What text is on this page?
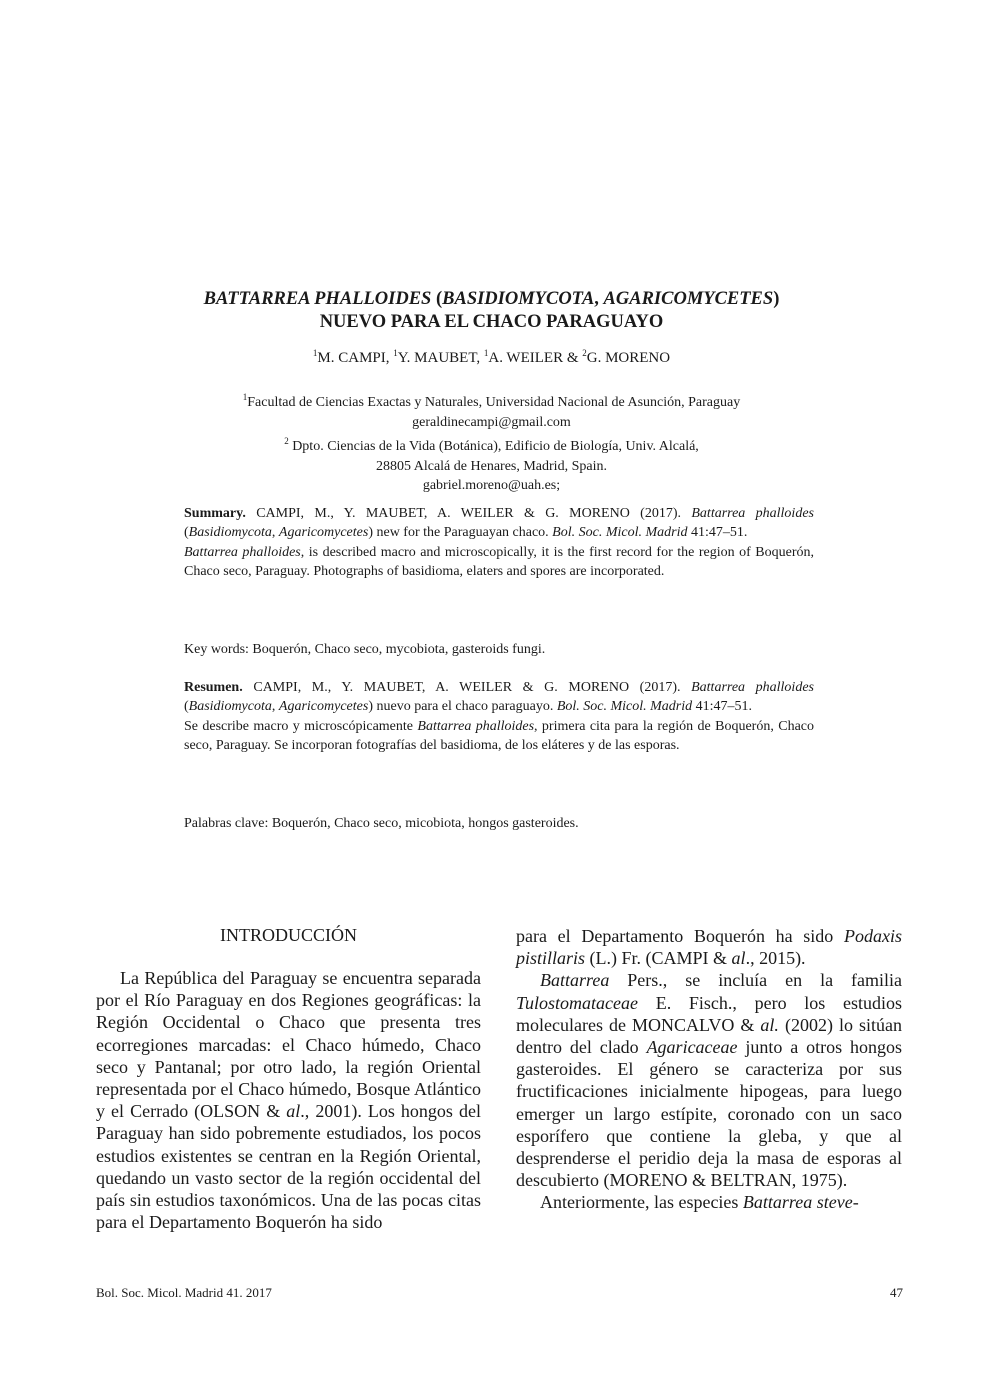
BATTARREA PHALLOIDES (BASIDIOMYCOTA, AGARICOMYCETES)
NUEVO PARA EL CHACO PARAGUAYO
$^1$M. CAMPI, $^1$Y. MAUBET, $^1$A. WEILER & $^2$G. MORENO
$^1$Facultad de Ciencias Exactas y Naturales, Universidad Nacional de Asunción, Paraguay
geraldinecampi@gmail.com
$^2$ Dpto. Ciencias de la Vida (Botánica), Edificio de Biología, Univ. Alcalá,
28805 Alcalá de Henares, Madrid, Spain.
gabriel.moreno@uah.es;

Summary. CAMPI, M., Y. MAUBET, A. WEILER & G. MORENO (2017). Battarrea phalloides (Basidiomycota, Agaricomycetes) new for the Paraguayan chaco. Bol. Soc. Micol. Madrid 41:47–51.

Battarrea phalloides, is described macro and microscopically, it is the first record for the region of Boquerón, Chaco seco, Paraguay. Photographs of basidioma, elaters and spores are incorporated.

Key words: Boquerón, Chaco seco, mycobiota, gasteroids fungi.

Resumen. CAMPI, M., Y. MAUBET, A. WEILER & G. MORENO (2017). Battarrea phalloides (Basidiomycota, Agaricomycetes) nuevo para el chaco paraguayo. Bol. Soc. Micol. Madrid 41:47–51.

Se describe macro y microscópicamente Battarrea phalloides, primera cita para la región de Boquerón, Chaco seco, Paraguay. Se incorporan fotografías del basidioma, de los eláteres y de las esporas.

Palabras clave: Boquerón, Chaco seco, micobiota, hongos gasteroides.
INTRODUCCIÓN

La República del Paraguay se encuentra separada por el Río Paraguay en dos Regiones geográficas: la Región Occidental o Chaco que presenta tres ecorregiones marcadas: el Chaco húmedo, Chaco seco y Pantanal; por otro lado, la región Oriental representada por el Chaco húmedo, Bosque Atlántico y el Cerrado (OLSON & al., 2001). Los hongos del Paraguay han sido pobremente estudiados, los pocos estudios existentes se centran en la Región Oriental, quedando un vasto sector de la región occidental del país sin estudios taxonómicos. Una de las pocas citas para el Departamento Boquerón ha sido

para el Departamento Boquerón ha sido Podaxis pistillaris (L.) Fr. (CAMPI & al., 2015).

Battarrea Pers., se incluía en la familia Tulostomataceae E. Fisch., pero los estudios moleculares de MONCALVO & al. (2002) lo sitúan dentro del clado Agaricaceae junto a otros hongos gasteroides. El género se caracteriza por sus fructificaciones inicialmente hipogeas, para luego emerger un largo estípite, coronado con un saco esporífero que contiene la gleba, y que al desprenderse el peridio deja la masa de esporas al descubierto (MORENO & BELTRAN, 1975).

Anteriormente, las especies Battarrea steve-

Bol. Soc. Micol. Madrid 41. 2017	47
